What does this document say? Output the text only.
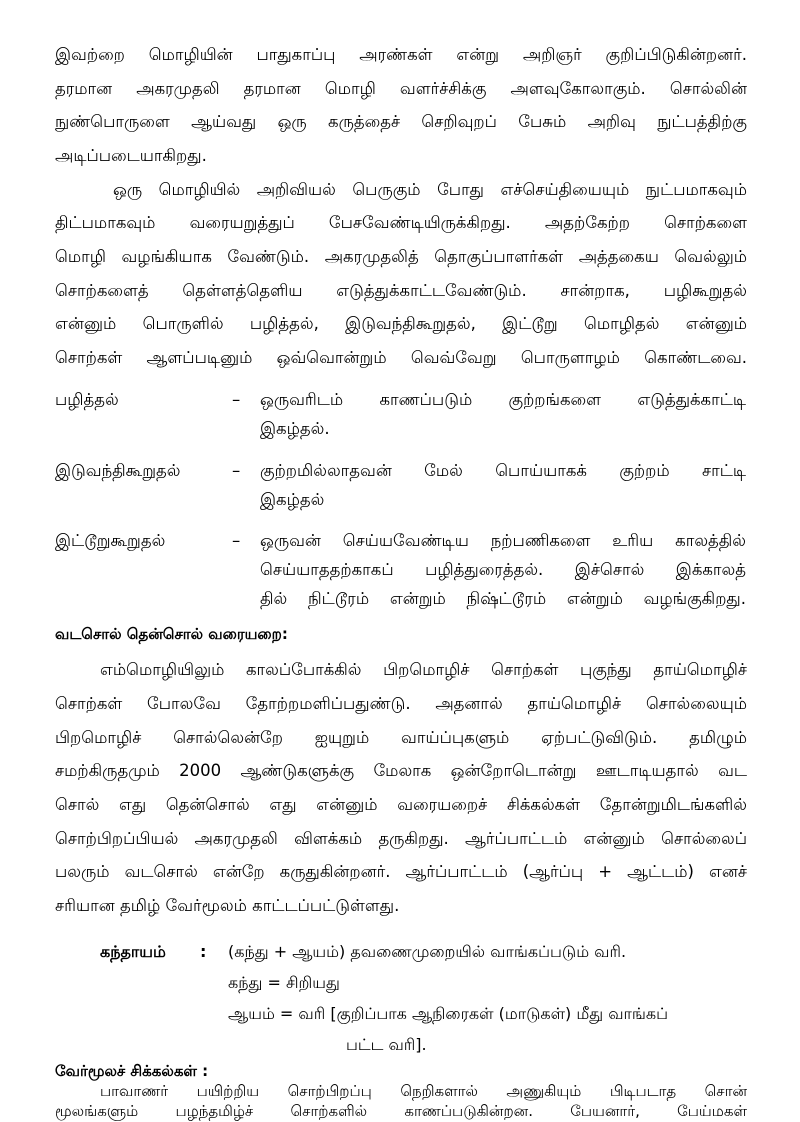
இவற்றை மொழியின் பாதுகாப்பு அரண்கள் என்று அறிஞர் குறிப்பிடுகின்றனர்.
தரமான அகரமுதலி தரமான மொழி வளர்ச்சிக்கு அளவுகோலாகும். சொல்லின்
நுண்பொருளை ஆய்வது ஒரு கருத்தைச் செறிவுறப் பேசும் அறிவு நுட்பத்திற்கு
அடிப்படையாகிறது.
ஒரு மொழியில் அறிவியல் பெருகும் போது எச்செய்தியையும் நுட்பமாகவும்
திட்பமாகவும் வரையறுத்துப் பேசவேண்டியிருக்கிறது. அதற்கேற்ற சொற்களை
மொழி வழங்கியாக வேண்டும். அகரமுதலித் தொகுப்பாளர்கள் அத்தகைய வெல்லும்
சொற்களைத் தெள்ளத்தெளிய எடுத்துக்காட்டவேண்டும். சான்றாக, பழிகூறுதல்
என்னும் பொருளில் பழித்தல், இடுவந்திகூறுதல், இட்டூறு மொழிதல் என்னும்
சொற்கள் ஆளப்படினும் ஒவ்வொன்றும் வெவ்வேறு பொருளாழம் கொண்டவை.
பழித்தல்	– ஒருவரிடம் காணப்படும் குற்றங்களை எடுத்துக்காட்டி
இகழ்தல்.
இடுவந்திகூறுதல்	– குற்றமில்லாதவன் மேல் பொய்யாகக் குற்றம் சாட்டி
இகழ்தல்
இட்டூறுகூறுதல்	– ஒருவன் செய்யவேண்டிய நற்பணிகளை உரிய காலத்தில்
செய்யாததற்காகப் பழித்துரைத்தல். இச்சொல் இக்காலத்
தில் நிட்டூரம் என்றும் நிஷ்ட்டூரம் என்றும் வழங்குகிறது.
வடசொல் தென்சொல் வரையறை:
எம்மொழியிலும் காலப்போக்கில் பிறமொழிச் சொற்கள் புகுந்து தாய்மொழிச்
சொற்கள் போலவே தோற்றமளிப்பதுண்டு. அதனால் தாய்மொழிச் சொல்லையும்
பிறமொழிச் சொல்லென்றே ஐயுறும் வாய்ப்புகளும் ஏற்பட்டுவிடும். தமிழும்
சமற்கிருதமும் 2000 ஆண்டுகளுக்கு மேலாக ஒன்றோடொன்று ஊடாடியதால் வட
சொல் எது தென்சொல் எது என்னும் வரையறைச் சிக்கல்கள் தோன்றுமிடங்களில்
சொற்பிறப்பியல் அகரமுதலி விளக்கம் தருகிறது. ஆர்ப்பாட்டம் என்னும் சொல்லைப்
பலரும் வடசொல் என்றே கருதுகின்றனர். ஆர்ப்பாட்டம் (ஆர்ப்பு + ஆட்டம்) எனச்
சரியான தமிழ் வேர்மூலம் காட்டப்பட்டுள்ளது.
கந்தாயம் : (கந்து + ஆயம்) தவணைமுறையில் வாங்கப்படும் வரி.
கந்து = சிறியது
ஆயம் = வரி [குறிப்பாக ஆநிரைகள் (மாடுகள்) மீது வாங்கப்
பட்ட வரி].
வேர்மூலச் சிக்கல்கள் :
பாவாணர் பயிற்றிய சொற்பிறப்பு நெறிகளால் அணுகியும் பிடிபடாத சொன்
மூலங்களும் பழந்தமிழ்ச் சொற்களில் காணப்படுகின்றன. பேயனார், பேய்மகள்
